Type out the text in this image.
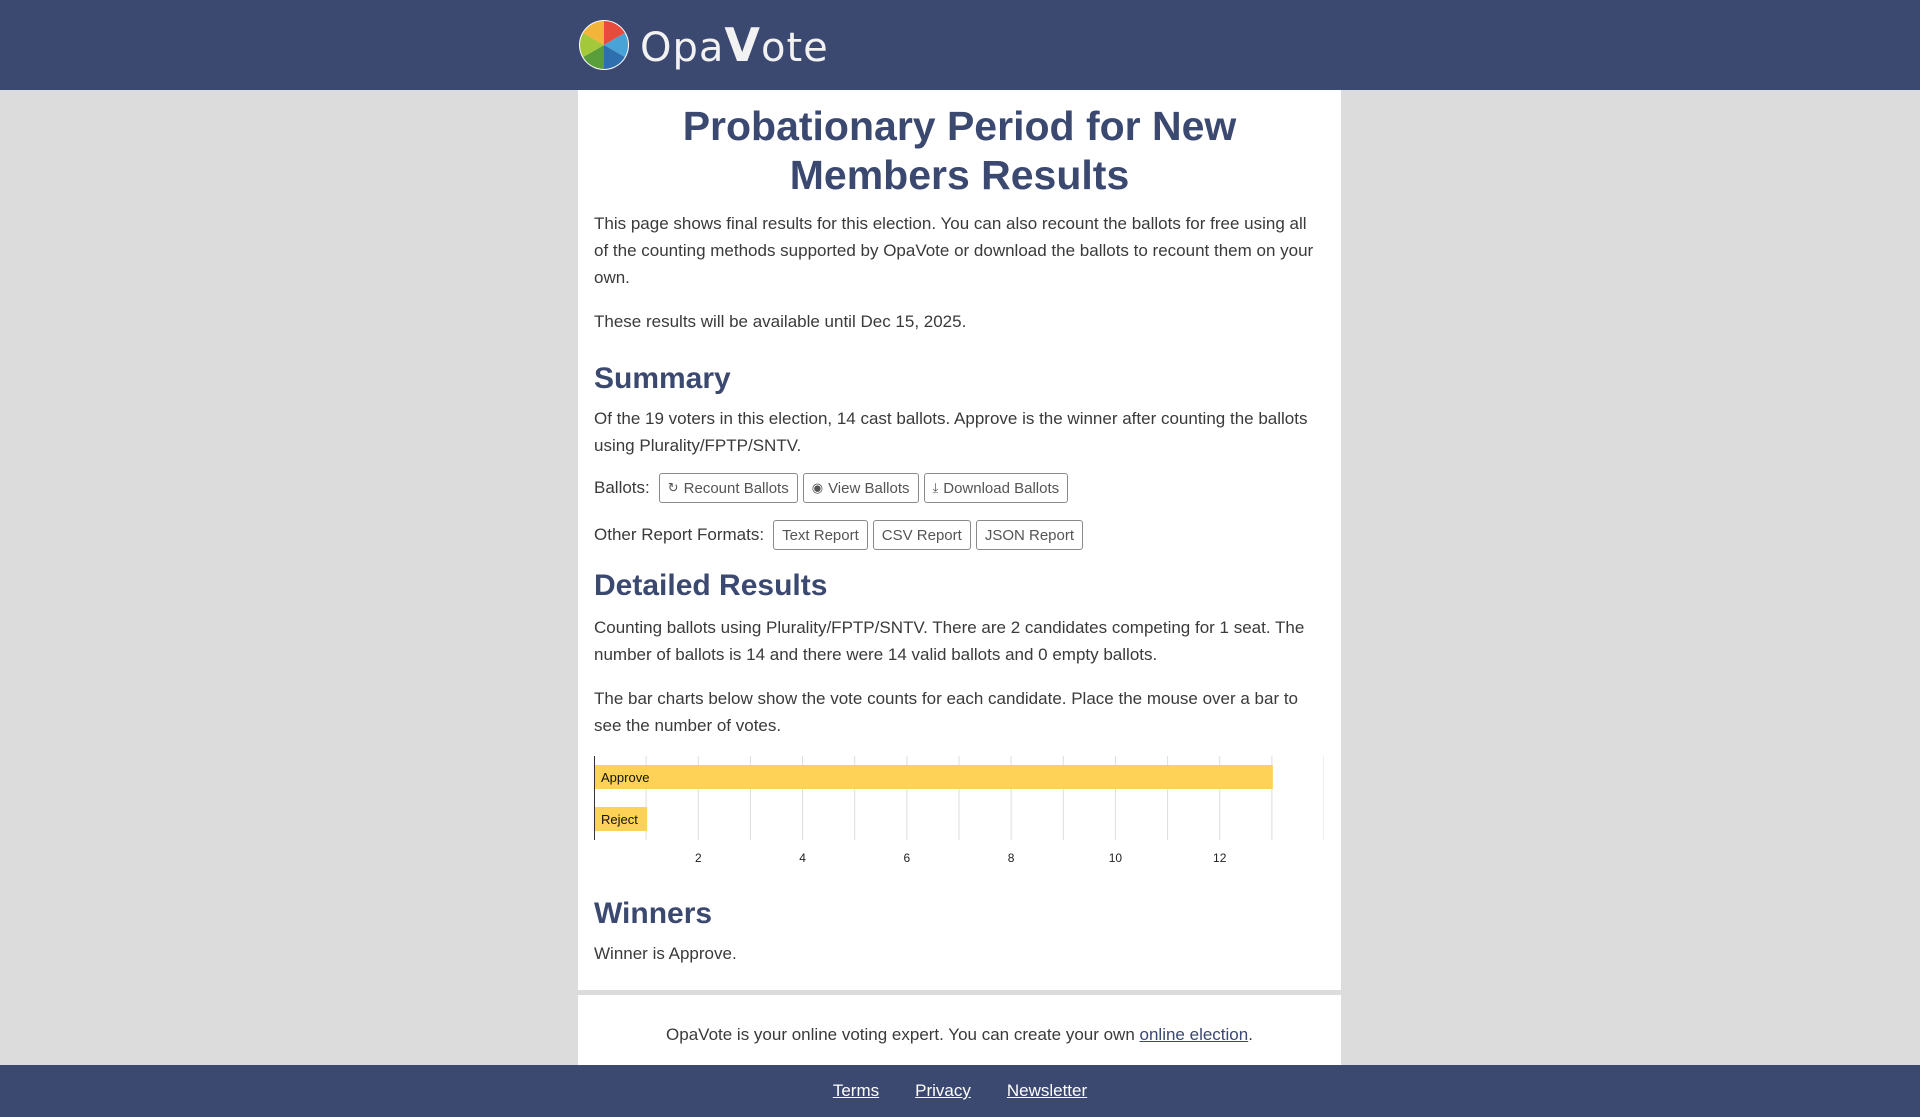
OpaVote
Probationary Period for New Members Results

This page shows final results for this election. You can also recount the ballots for free using all of the counting methods supported by OpaVote or download the ballots to recount them on your own.

These results will be available until Dec 15, 2025.

Summary

Of the 19 voters in this election, 14 cast ballots. Approve is the winner after counting the ballots using Plurality/FPTP/SNTV.

Ballots: ↻ Recount Ballots ◉ View Ballots ⤓ Download Ballots
Other Report Formats:	Text Report	CSV Report	JSON Report
Detailed Results

Counting ballots using Plurality/FPTP/SNTV. There are 2 candidates competing for 1 seat. The number of ballots is 14 and there were 14 valid ballots and 0 empty ballots.

The bar charts below show the vote counts for each candidate. Place the mouse over a bar to see the number of votes.

Approve
Reject
2	4	6	8	10	12
Winners

Winner is Approve.

OpaVote is your online voting expert. You can create your own online election.

Terms Privacy Newsletter
